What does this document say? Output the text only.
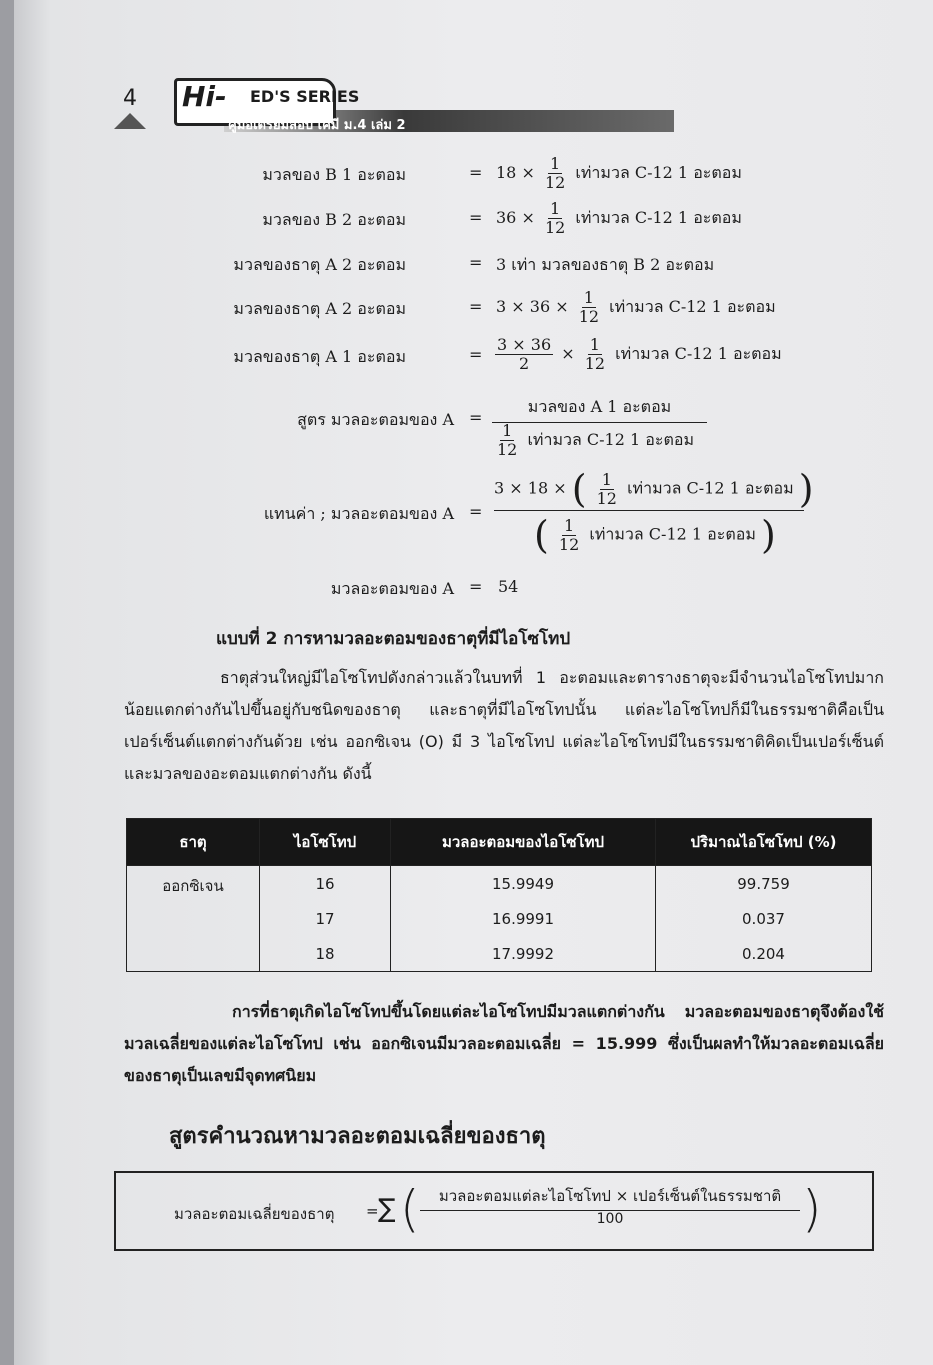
4 Hi- ED'S SERIES
คู่มือเตรียมสอบ เคมี ม.4 เล่ม 2
มวลของ B 1 อะตอม	= $18 \times \frac{1}{12}$ เท่ามวล C-12 1 อะตอม
มวลของ B 2 อะตอม	= $36 \times \frac{1}{12}$ เท่ามวล C-12 1 อะตอม
มวลของธาตุ A 2 อะตอม	= 3 เท่า มวลของธาตุ B 2 อะตอม
มวลของธาตุ A 2 อะตอม	= $3 \times 36 \times \frac{1}{12}$ เท่ามวล C-12 1 อะตอม
มวลของธาตุ A 1 อะตอม	= $\frac{3 \times 36}{2} \times \frac{1}{12}$ เท่ามวล C-12 1 อะตอม
สูตร มวลอะตอมของ A =
มวลของ A 1 อะตอม
$\frac{1}{12}$ เท่ามวล C-12 1 อะตอม
แทนค่า ; มวลอะตอมของ A =
3 × 18 × ( $\frac{1}{12}$ เท่ามวล C-12 1 อะตอม )
( $\frac{1}{12}$ เท่ามวล C-12 1 อะตอม )
มวลอะตอมของ A = 54
แบบที่ 2 การหามวลอะตอมของธาตุที่มีไอโซโทป
ธาตุส่วนใหญ่มีไอโซโทปดังกล่าวแล้วในบทที่ 1 อะตอมและตารางธาตุจะมีจำนวนไอโซโทปมากน้อยแตกต่างกันไปขึ้นอยู่กับชนิดของธาตุ และธาตุที่มีไอโซโทปนั้น แต่ละไอโซโทปก็มีในธรรมชาติคือเป็นเปอร์เซ็นต์แตกต่างกันด้วย เช่น ออกซิเจน (O) มี 3 ไอโซโทป แต่ละไอโซโทปมีในธรรมชาติคิดเป็นเปอร์เซ็นต์ และมวลของอะตอมแตกต่างกัน ดังนี้
ธาตุ	ไอโซโทป	มวลอะตอมของไอโซโทป	ปริมาณไอโซโทป (%)
ออกซิเจน	16	15.9949	99.759
	17	16.9991	0.037
	18	17.9992	0.204
การที่ธาตุเกิดไอโซโทปขึ้นโดยแต่ละไอโซโทปมีมวลแตกต่างกัน มวลอะตอมของธาตุจึงต้องใช้มวลเฉลี่ยของแต่ละไอโซโทป เช่น ออกซิเจนมีมวลอะตอมเฉลี่ย = 15.999 ซึ่งเป็นผลทำให้มวลอะตอมเฉลี่ยของธาตุเป็นเลขมีจุดทศนิยม
สูตรคำนวณหามวลอะตอมเฉลี่ยของธาตุ
มวลอะตอมเฉลี่ยของธาตุ = ∑ (	มวลอะตอมแต่ละไอโซโทป × เปอร์เซ็นต์ในธรรมชาติ
100	)
